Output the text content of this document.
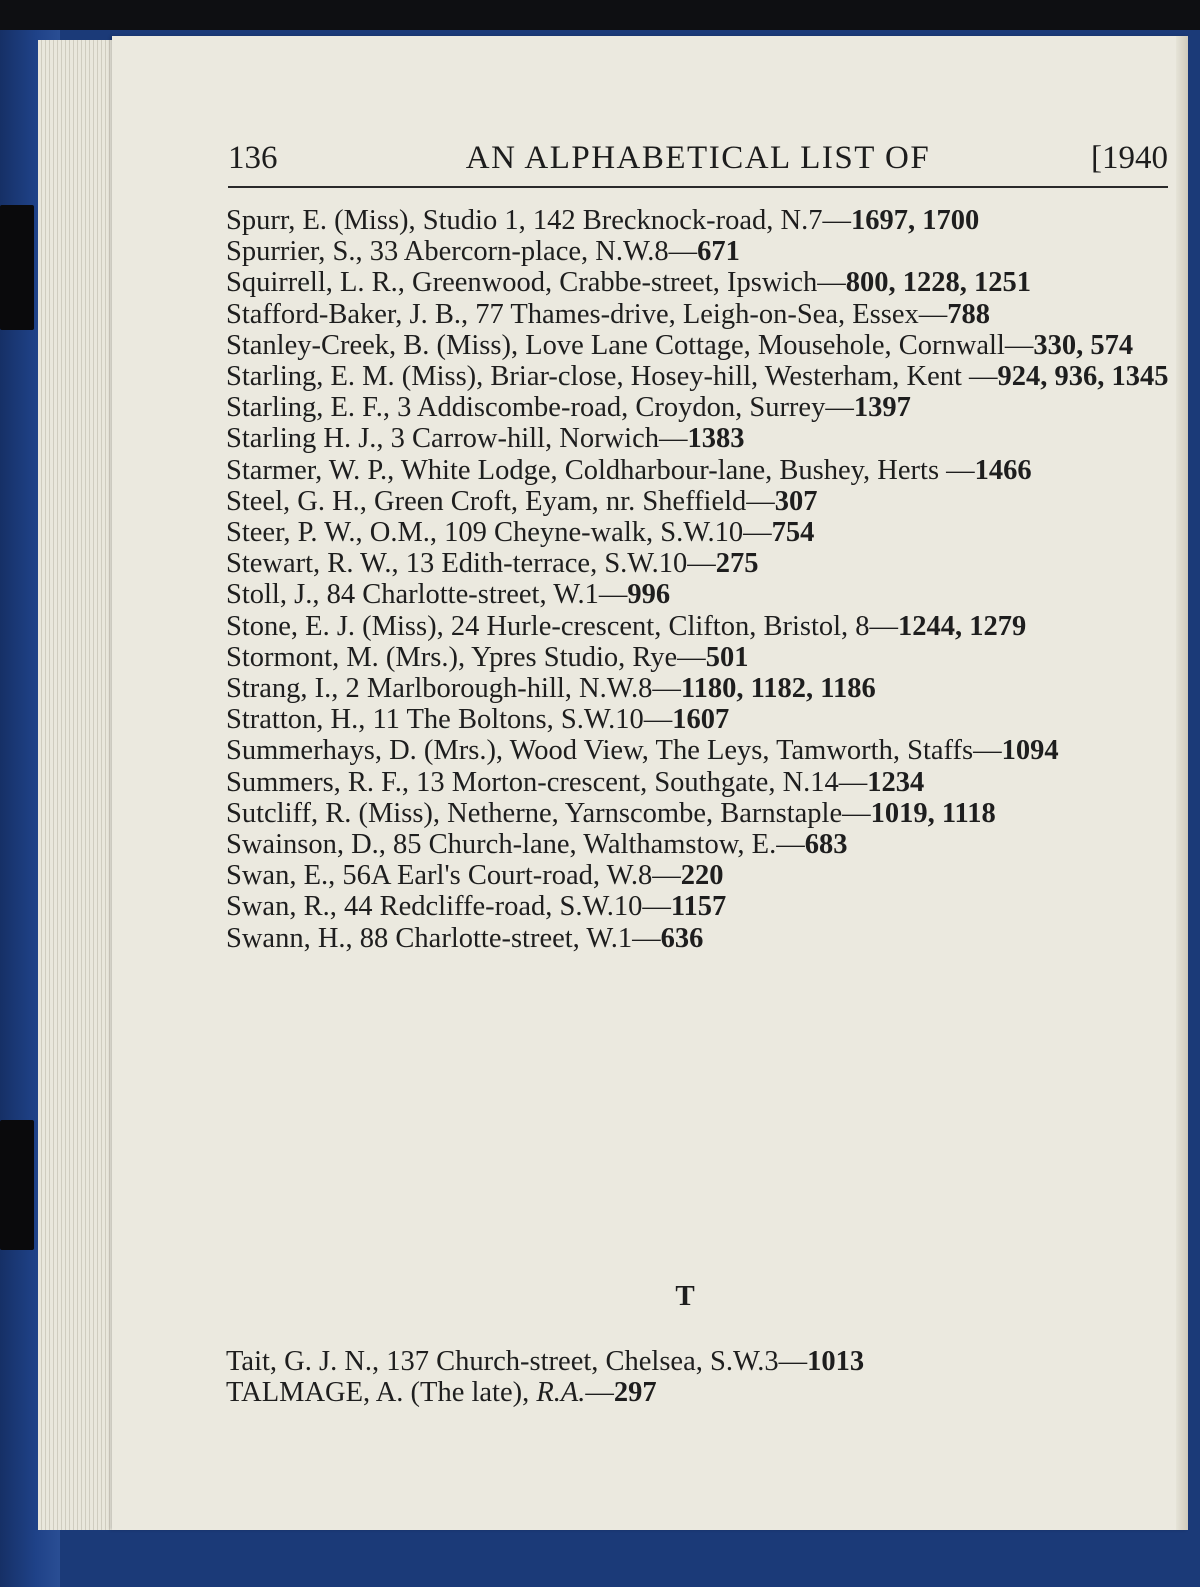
AN ALPHABETICAL LIST OF
136	[1940
Spurr, E. (Miss), Studio 1, 142 Brecknock-road, N.7—1697, 1700
Spurrier, S., 33 Abercorn-place, N.W.8—671
Squirrell, L. R., Greenwood, Crabbe-street, Ipswich—800, 1228, 1251
Stafford-Baker, J. B., 77 Thames-drive, Leigh-on-Sea, Essex—788
Stanley-Creek, B. (Miss), Love Lane Cottage, Mousehole, Cornwall—330, 574
Starling, E. M. (Miss), Briar-close, Hosey-hill, Westerham, Kent —924, 936, 1345
Starling, E. F., 3 Addiscombe-road, Croydon, Surrey—1397
Starling H. J., 3 Carrow-hill, Norwich—1383
Starmer, W. P., White Lodge, Coldharbour-lane, Bushey, Herts —1466
Steel, G. H., Green Croft, Eyam, nr. Sheffield—307
Steer, P. W., O.M., 109 Cheyne-walk, S.W.10—754
Stewart, R. W., 13 Edith-terrace, S.W.10—275
Stoll, J., 84 Charlotte-street, W.1—996
Stone, E. J. (Miss), 24 Hurle-crescent, Clifton, Bristol, 8—1244, 1279
Stormont, M. (Mrs.), Ypres Studio, Rye—501
Strang, I., 2 Marlborough-hill, N.W.8—1180, 1182, 1186
Stratton, H., 11 The Boltons, S.W.10—1607
Summerhays, D. (Mrs.), Wood View, The Leys, Tamworth, Staffs—1094
Summers, R. F., 13 Morton-crescent, Southgate, N.14—1234
Sutcliff, R. (Miss), Netherne, Yarnscombe, Barnstaple—1019, 1118
Swainson, D., 85 Church-lane, Walthamstow, E.—683
Swan, E., 56A Earl's Court-road, W.8—220
Swan, R., 44 Redcliffe-road, S.W.10—1157
Swann, H., 88 Charlotte-street, W.1—636
T
Tait, G. J. N., 137 Church-street, Chelsea, S.W.3—1013
TALMAGE, A. (The late), R.A.—297
